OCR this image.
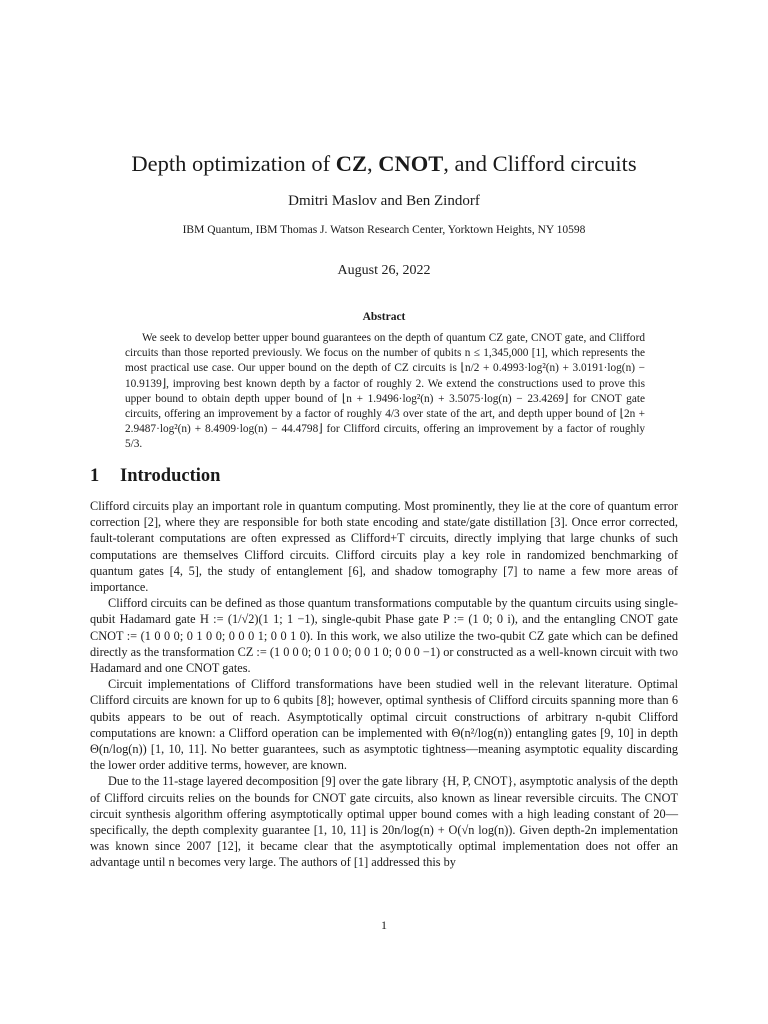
Depth optimization of CZ, CNOT, and Clifford circuits
Dmitri Maslov and Ben Zindorf
IBM Quantum, IBM Thomas J. Watson Research Center, Yorktown Heights, NY 10598
August 26, 2022
Abstract
We seek to develop better upper bound guarantees on the depth of quantum CZ gate, CNOT gate, and Clifford circuits than those reported previously. We focus on the number of qubits n ≤ 1,345,000 [1], which represents the most practical use case. Our upper bound on the depth of CZ circuits is ⌊n/2 + 0.4993·log²(n) + 3.0191·log(n) − 10.9139⌋, improving best known depth by a factor of roughly 2. We extend the constructions used to prove this upper bound to obtain depth upper bound of ⌊n + 1.9496·log²(n) + 3.5075·log(n) − 23.4269⌋ for CNOT gate circuits, offering an improvement by a factor of roughly 4/3 over state of the art, and depth upper bound of ⌊2n + 2.9487·log²(n) + 8.4909·log(n) − 44.4798⌋ for Clifford circuits, offering an improvement by a factor of roughly 5/3.
1 Introduction

Clifford circuits play an important role in quantum computing. Most prominently, they lie at the core of quantum error correction [2], where they are responsible for both state encoding and state/gate distillation [3]. Once error corrected, fault-tolerant computations are often expressed as Clifford+T circuits, directly implying that large chunks of such computations are themselves Clifford circuits. Clifford circuits play a key role in randomized benchmarking of quantum gates [4, 5], the study of entanglement [6], and shadow tomography [7] to name a few more areas of importance.

Clifford circuits can be defined as those quantum transformations computable by the quantum circuits using single-qubit Hadamard gate H := (1/√2)(1 1; 1 −1), single-qubit Phase gate P := (1 0; 0 i), and the entangling CNOT gate CNOT := (1 0 0 0; 0 1 0 0; 0 0 0 1; 0 0 1 0). In this work, we also utilize the two-qubit CZ gate which can be defined directly as the transformation CZ := (1 0 0 0; 0 1 0 0; 0 0 1 0; 0 0 0 −1) or constructed as a well-known circuit with two Hadamard and one CNOT gates.

Circuit implementations of Clifford transformations have been studied well in the relevant literature. Optimal Clifford circuits are known for up to 6 qubits [8]; however, optimal synthesis of Clifford circuits spanning more than 6 qubits appears to be out of reach. Asymptotically optimal circuit constructions of arbitrary n-qubit Clifford computations are known: a Clifford operation can be implemented with Θ(n²/log(n)) entangling gates [9, 10] in depth Θ(n/log(n)) [1, 10, 11]. No better guarantees, such as asymptotic tightness—meaning asymptotic equality discarding the lower order additive terms, however, are known.

Due to the 11-stage layered decomposition [9] over the gate library {H, P, CNOT}, asymptotic analysis of the depth of Clifford circuits relies on the bounds for CNOT gate circuits, also known as linear reversible circuits. The CNOT circuit synthesis algorithm offering asymptotically optimal upper bound comes with a high leading constant of 20—specifically, the depth complexity guarantee [1, 10, 11] is 20n/log(n) + O(√n log(n)). Given depth-2n implementation was known since 2007 [12], it became clear that the asymptotically optimal implementation does not offer an advantage until n becomes very large. The authors of [1] addressed this by

1
